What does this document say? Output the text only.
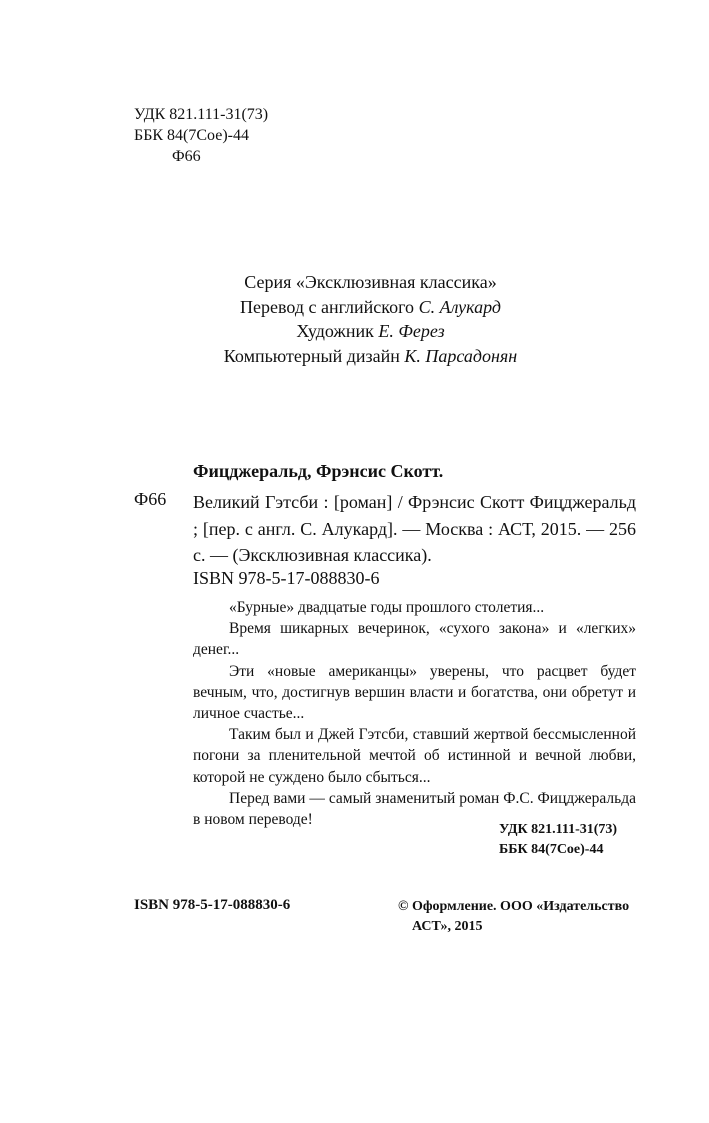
УДК 821.111-31(73)
ББК 84(7Сое)-44
Ф66
Серия «Эксклюзивная классика»
Перевод с английского С. Алукард
Художник Е. Ферез
Компьютерный дизайн К. Парсадонян
Фицджеральд, Фрэнсис Скотт.
Ф66 Великий Гэтсби : [роман] / Фрэнсис Скотт Фицджеральд ; [пер. с англ. С. Алукард]. — Москва : АСТ, 2015. — 256 с. — (Эксклюзивная классика).
ISBN 978-5-17-088830-6

«Бурные» двадцатые годы прошлого столетия...

Время шикарных вечеринок, «сухого закона» и «легких» денег...

Эти «новые американцы» уверены, что расцвет будет вечным, что, достигнув вершин власти и богатства, они обретут и личное счастье...

Таким был и Джей Гэтсби, ставший жертвой бессмысленной погони за пленительной мечтой об истинной и вечной любви, которой не суждено было сбыться...

Перед вами — самый знаменитый роман Ф.С. Фицджеральда в новом переводе!

УДК 821.111-31(73)
ББК 84(7Сое)-44
ISBN 978-5-17-088830-6	© Оформление. ООО «Издательство
АСТ», 2015
